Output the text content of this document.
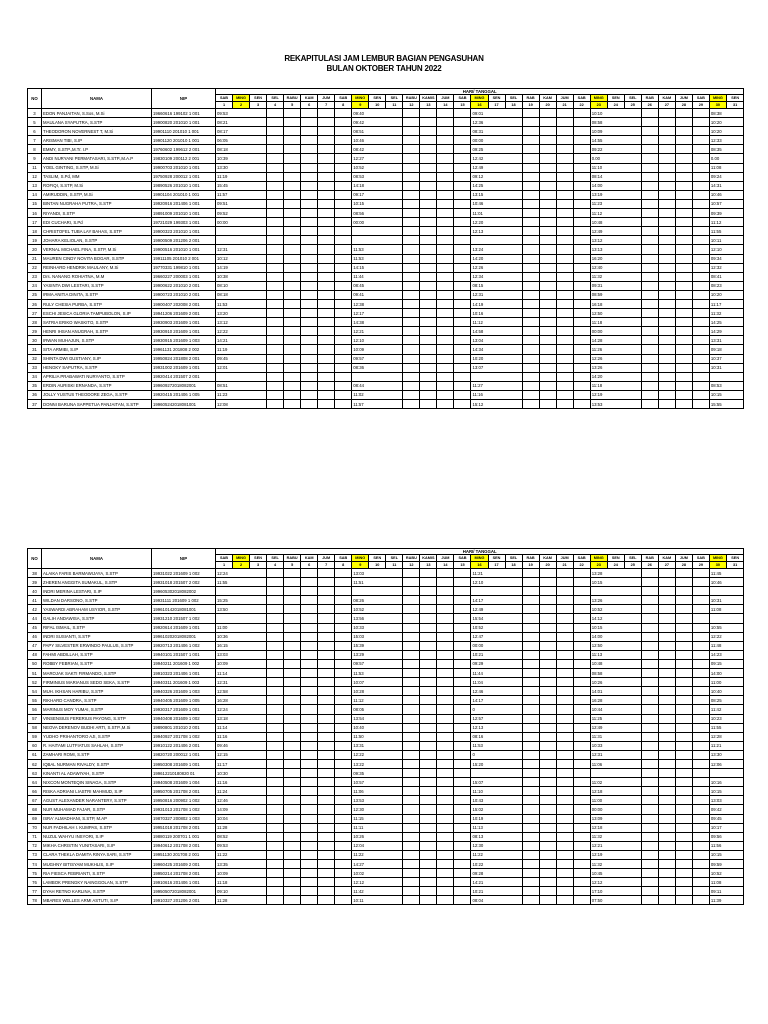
REKAPITULASI JAM LEMBUR BAGIAN PENGASUHAN
BULAN OKTOBER TAHUN 2022
NO	NAMA	NIP	HARI/ TANGGAL																														
			SAB	MING	SEN	SEL	RABU	KAM	JUM	SAB	MING	SEN	SEL	RABU	KAMIS	JUM	SAB	MING	SEN	SEL	RAB	KAM	JUM	SAB	MING	SEN	SEL	RAB	KAM	JUM	SAB	MING	SEN
			1	2	3	4	5	6	7	8	9	10	11	12	13	14	15	16	17	18	19	20	21	22	23	24	25	26	27	28	29	30	31
3	EDON PANJAITAN, S.Sos, M.Si	19660616 199102 1 001	09:53								09:40							09:01							10:10							08:38	
5	MAULANA SYAPUTRA, S.STP	19900820 201010 1 001	08:21								09:42							12:36							08:58							10:20	
6	THEODORON NOVERNEST T, M.Si	19901110 201010 1 001	08:17								08:51							08:31							10:09							10:20	
7	ARISMAN TIBI, S.IP	19901120 201010 1 001	06:05								10:46							00:00							14:55							12:33	
8	EMMY, S.STP.,M.Tr. I.P	19760602 199612 2 001	08:18								08:42							09:25							09:22							08:35	
9	ANDI NURYANI PERMATASARI, S.STP.,M.A.P	19830109 200112 2 001	10:39								12:27							12:42							0.00							0.00	
11	YOEL GINTING, S.STP, M.Si	19900703 201010 1 001	13:30								10:52							12:49							11:10							11:08	
12	TASLIM, S.Pd, MM	19750928 200012 1 001	11:19								08:53							09:12							08:14							09:24	
13	ROFIQI, S.STP, M.Si	19890526 201010 1 001	15:45								14:18							14:25							14:00							14:31	
14	AMIRUDDIN, S.STP, M.Si	19901104 201010 1 001	11:57								09:17							13:15							13:19							10:46	
15	BINTAN NUGRAHA PUTRA, S.STP	19920916 201406 1 001	09:51								10:15							10:46							11:23							10:57	
16	RIYANDI, S.STP	19891009 201010 1 001	09:52								08:56							11:01							11:12							09:39	
17	EDI CUCHARI, S.Pd	19721029 199303 1 001	00:00								00:00							12:20							10:48							11:12	
18	CHRISTOFEL TUBA LAY BAHAS, S.STP	19900323 201010 1 001																12:13							12:49							11:55	
19	JOHARA KELIOLAN, S.STP	19900509 201206 2 001																							13:12							10:11	
20	VERNAL MICHAEL FINA, S.STP, M.Si	19900516 201010 1 001	12:31								11:53							13:24							13:13							12:10	
21	MAUREN CINDY NOVITA BOGAR, S.STP	19911105 201010 2 001	10:12								11:53							14:20							16:20							09:34	
22	REINHARD HENDRIK MAULANY, M.Si	19770331 199810 1 001	14:19								14:15							12:26							12:40							12:32	
23	Drs. NANANG ROHIATNA, M.M	19660227 200003 1 001	10:38								11:44							12:34							11:32							08:41	
24	YASINTA DWI LESTARI, S.STP	19900622 201010 2 001	08:10								08:45							08:15							09:31							08:23	
25	IRMA ANITIA DINITA, S.STP	19900723 201010 2 001	08:18								09:41							12:31							08:59							10:20	
26	RULY CHESIA PURBA, S.STP	19900407 202008 2 001	11:53								12:38							14:19							16:18							11:17	
27	ESCHI JESICA GLORIA TAMPUBOLON, S.IP	19941206 201609 2 001	13:20								12:17							10:16							12:50							11:32	
28	SATRIA ERIKO WASKITO, S.STP	19930903 201609 1 001	13:12								14:38							11:12							11:18							14:25	
29	HENRI IHSAN ANUGRAH, S.STP	19930910 201609 1 001	12:22								12:21							14:58							00:00							14:29	
30	IRWAN MUHAJUN, S.STP	19930915 201609 1 003	14:21								12:10							13:04							14:28							13:31	
31	SITA ARMIBI, S.IP	19961131 201808 2 002	11:19								10:09							14:34							11:26							09:18	
32	SHINTA DWI GUSTIANY, S.IP	19950824 201808 2 001	09:45								09:57							10:20							12:26							10:37	
33	HENGKY SAPUTRA, S.STP	19931002 201609 1 001	12:01								08:36							13:07							13:26							10:31	
34	APRILIA PRABAWATI NURYANTO, S.STP	19920414 201507 2 001																							14:20								
35	ERDIN AURISKI ERNANDA, S.STP	199609272018082001	08:51								08:44							11:27							11:18							08:53	
36	JOLLY YUSTUS THEODORE ZEGA, S.STP	19920415 201406 1 005	11:23								11:02							11:16							12:19							10:15	
37	DONNI BARUNA SAPPETUA PANJAITAN, S.STP	199605242018081001	12:08								11:57							15:12							13:53							15:55	
NO	NAMA	NIP	HARI/ TANGGAL																														
			SAB	MING	SEN	SEL	RABU	KAM	JUM	SAB	MING	SEN	SEL	RABU	KAMIS	JUM	SAB	MING	SEN	SEL	RAB	KAM	JUM	SAB	MING	SEN	SEL	RAB	KAM	JUM	SAB	MING	SEN
			1	2	3	4	5	6	7	8	9	10	11	12	13	14	15	16	17	18	19	20	21	22	23	24	25	26	27	28	29	30	31
38	ALAIKA FARIS BARMAWIJAYA, S.STP	19931022 201609 1 002	12:24								13:03							11:21							13:28							11:45	
39	ZHEREN ANGGITA SUMAKUL, S.STP	19931018 201507 2 002	11:55								11:51							12:10							10:15							10:46	
40	INDRI MERINA LESTARI, S.IP	199605302018082002																															
41	WILDAN DARSONO, S.STP	19931111 201609 1 002	15:25								08:26							14:17							13:26							10:31	
42	YASWARDI ABRAHAM USYIOR, S.STP	199610142018081001	13:50								10:52							12:49							10:52							11:08	
44	GALIH ANDAWISA, S.STP	19931210 201507 1 002									13:56							15:54							14:12								
45	RIFAL ISMAIL, S.STP	19920614 201609 1 001	11:00								10:33							10:52							10:15							10:55	
46	INDRI SUSIANTI, S.STP	199610202018082001	10:36								15:03							12:47							14:00							12:22	
47	PAPY SILVESTER ERWINDO PAULUS, S.STP	19920713 201406 1 002	16:15								15:39							00:00							12:50							11:48	
48	FAHMI ABDILLAH, S.STP	19940101 201507 1 001	13:03								13:29							10:21							11:13							14:23	
50	ROBBY FEBRIAN, S.STP	19940211 201609 1 002	10:09								09:57							09:29							10:48							09:15	
51	MAROJAK SAKTI FIRMANDO, S.STP	19910323 201406 1 001	11:14								11:53							11:44							08:58							14:00	
52	FIRMINIUS MARIANUS SEDO SEKA, S.STP	19940311 201609 1 003	12:31								10:07							11:04							10:26							11:00	
54	MUH. IKHSAN HARIBU, S.STP	19940326 201609 1 003	12:58								10:28							12:46							14:01							10:40	
55	RIKHARD CANDRA, S.STP	19940405 201609 1 005	16:28								11:12							14:17							16:28							08:25	
56	MARINUS MOY YUMAI, S.STP	19930317 201609 1 001	12:24								08:05							0							10:44							11:42	
57	VINSENSIUS FERERIUS PAYONG, S.STP	19940408 201609 1 002	13:18								13:54							12:57							11:25							10:23	
58	NEOVA DERENOV BUDHI ARTI, S.STP.,M.Si	19890801 201010 2 001	11:14								10:40							12:13							12:49							11:55	
59	YUDHO PRIHANTORO AJI, S.STP	19940927 201708 1 002	11:16								11:50							08:16							11:31							12:28	
60	R. HAITAMI LUTFIATUS SAHLAH, S.STP	19910122 201406 2 001	09:46								13:31							11:53							10:33							11:21	
61	ZAMHARI ROMI, S.STP	19820720 200012 1 001	12:15								12:22							0							12:31							13:30	
62	IQBAL NURMAN RIVALDY, S.STP	19950308 201609 1 001	11:17								13:22							15:20							11:06							12:06	
63	KINANTI AL ADAWIYAH, S.STP	199612210180820 01	10:30								09:35																						
64	NIXCON MONTEQIN SINAGA, S.STP	19940508 201609 1 004	11:16								10:57							15:07							11:02							10:16	
66	RISKA ADRIANI LIASTRI MAHMUD, S.IP	19950705 201708 2 001	11:24								11:06							11:10							12:18							10:15	
67	AGUST ALEXANDER NARANTERY, S.STP	19950816 200902 1 002	12:46								13:53							10:43							11:00							13:03	
68	NUR MUHAMAD FAJAR, S.STP	19931013 201708 1 002	14:09								12:30							15:02							00:00							09:42	
69	ISRA' ALMADHANI, S.STP, M.AP	19870327 200802 1 003	10:04								11:15							10:19							13:09							09:45	
70	NUR FADHILAH I. KUMPAS, S.STP	19951018 201708 2 001	11:28								11:11							11:13							12:18							10:17	
71	NUZUL WAHYU INSYORI, S.IP	19880119 200701 1 001	08:52								10:26							08:13							11:32							09:56	
72	MIKHA CHRISTIN YUNITASARI, S.IP	19940612 201708 2 001	09:53								12:04							12:30							12:21							11:56	
73	CLARA THEKLA DAMITA RINYA SARI, S.STP	19951130 201708 2 001	11:22								11:22							11:22							12:19							10:15	
74	MUGHNY BITISYAM MUKHLIS, S.IP	19960425 201609 2 001	13:35								14:27							10:22							11:32							09:59	
75	RIA FIESCA FEBRIANTI, S.STP	19950214 201708 2 001	10:09								10:02							09:28							10:45							10:52	
76	LAMBOK PRENGKY NAINGGOLAN, S.STP	19910616 201406 1 001	11:18								12:12							14:21							12:12							11:08	
77	DYAH RETNO KARLINA, S.STP	199505072018082001	09:10								11:42							10:21							17:10							09:11	
78	MBARES WELLES ARMI ASTUTI, S.IP	19910327 201206 2 001	11:28								10:11							08:04							07:50							11:39	
